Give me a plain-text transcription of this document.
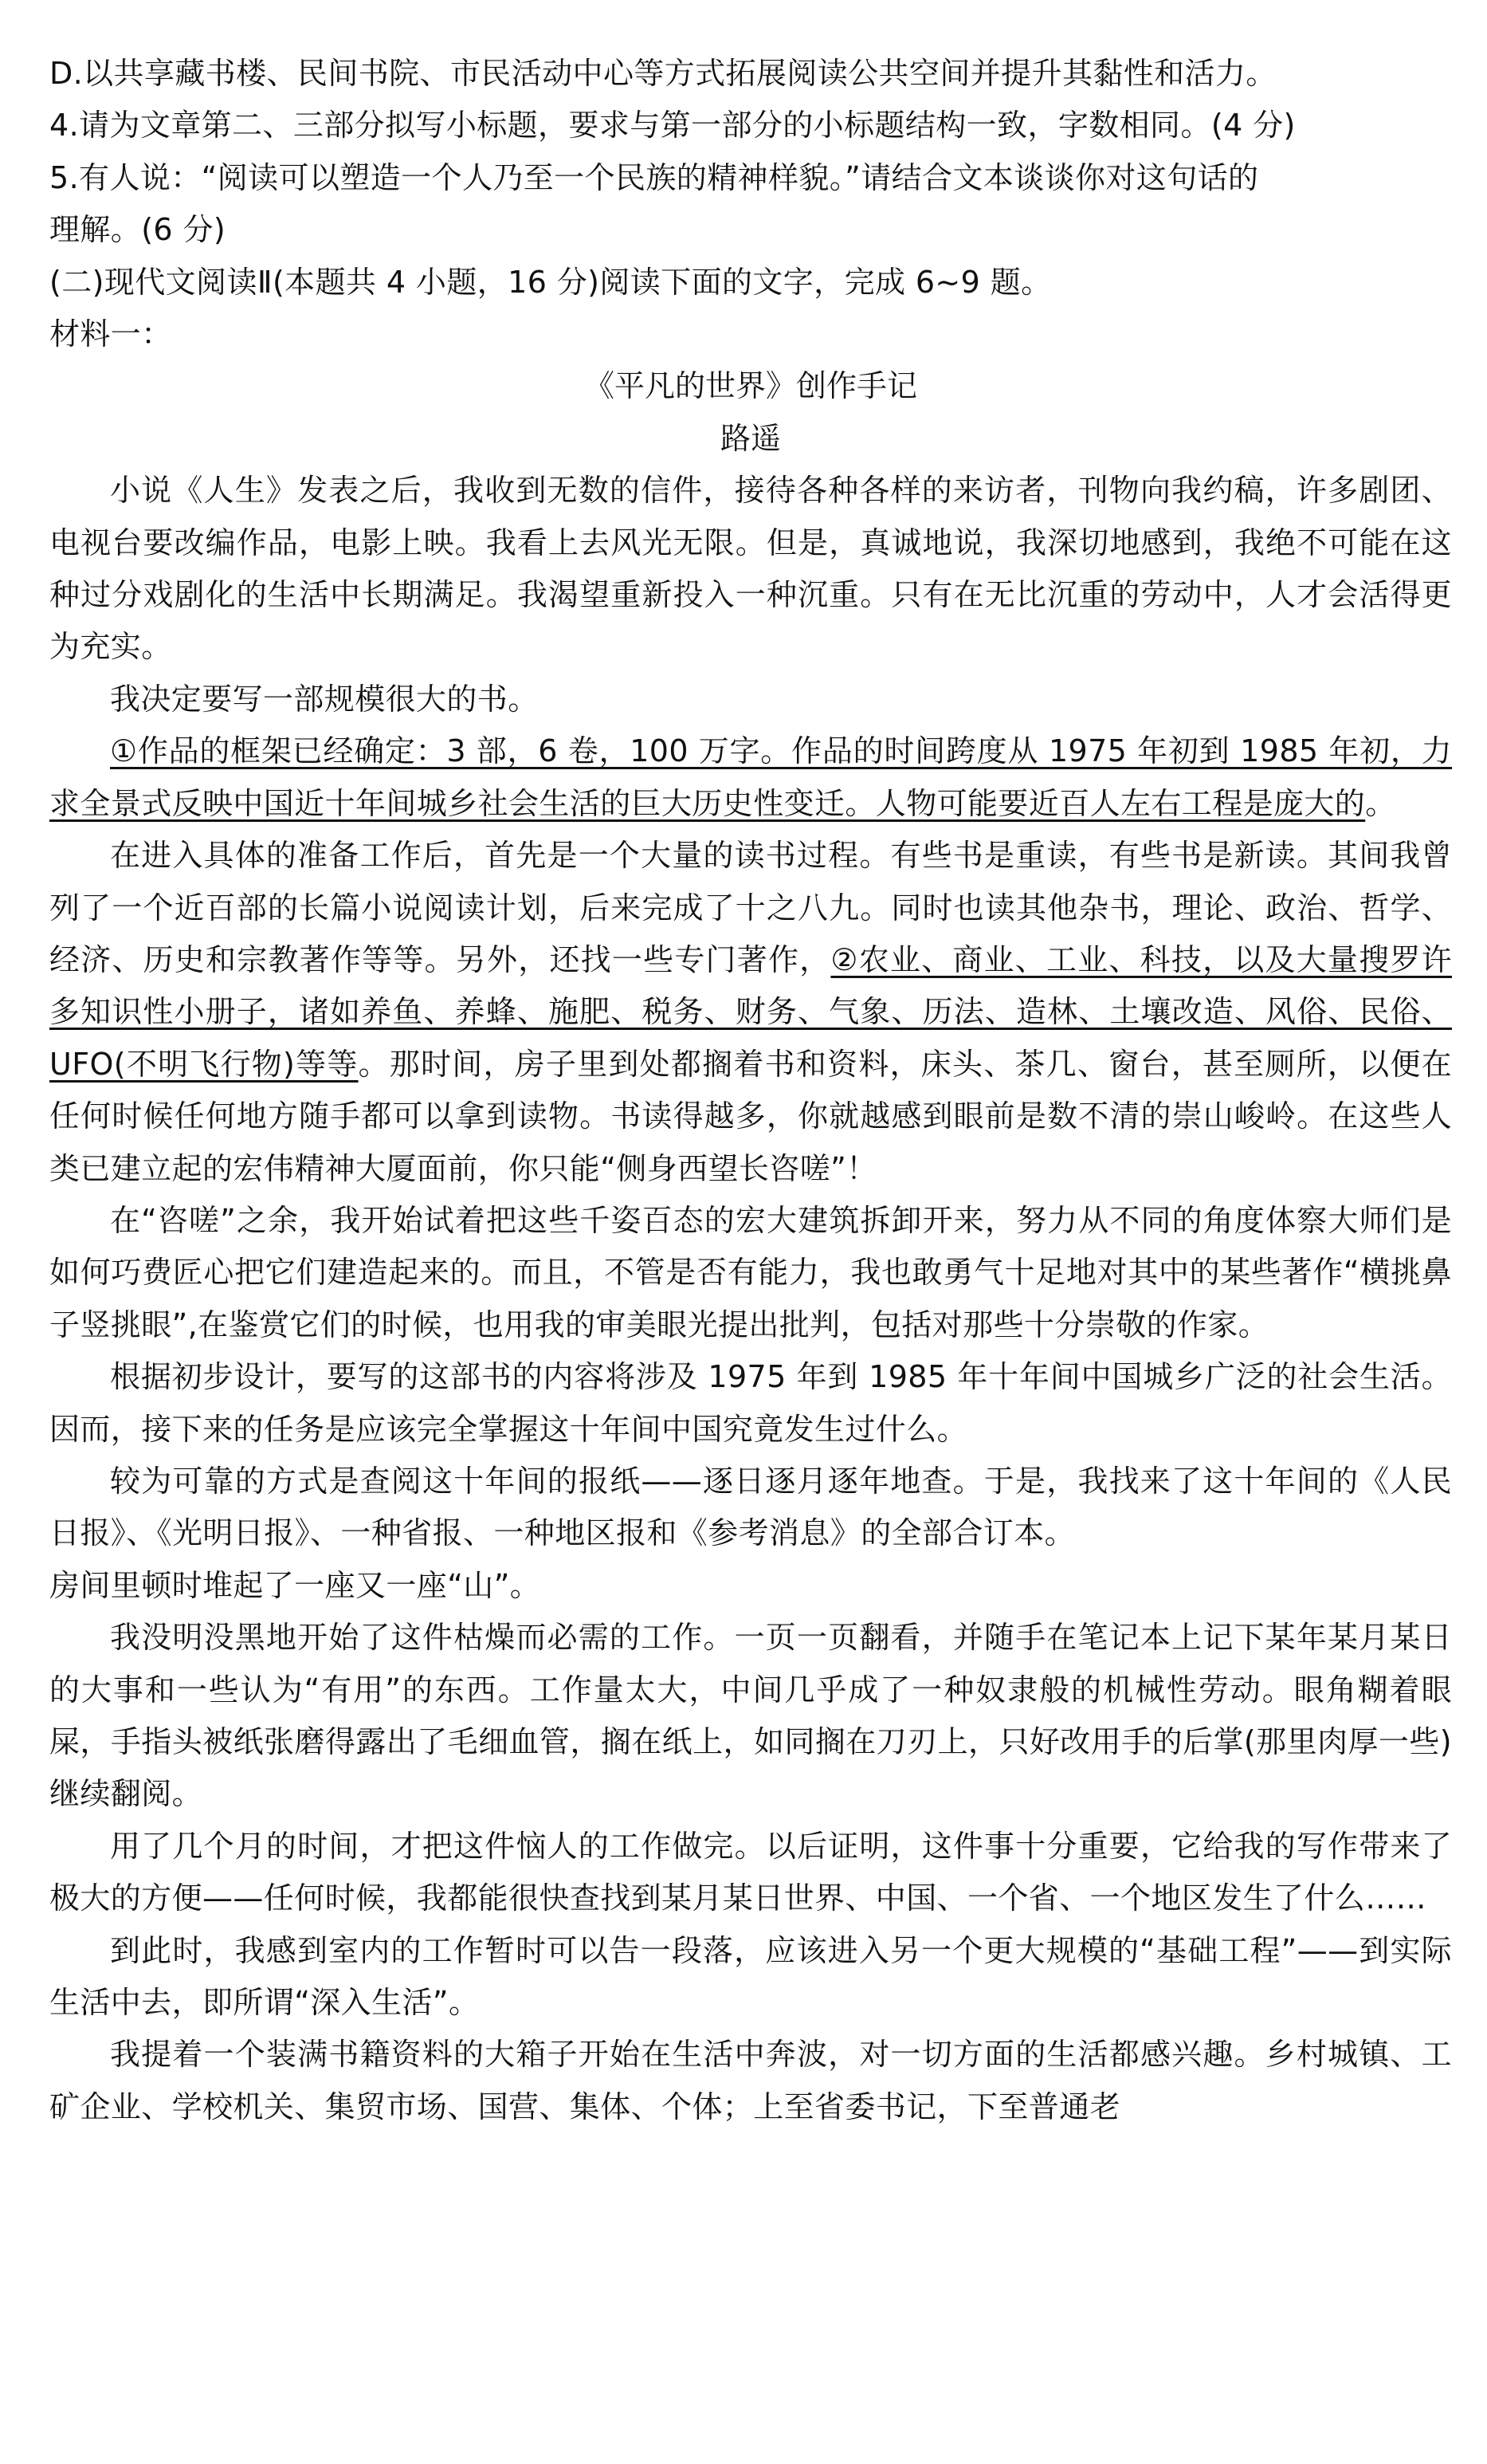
D.以共享藏书楼、民间书院、市民活动中心等方式拓展阅读公共空间并提升其黏性和活力。
4.请为文章第二、三部分拟写小标题，要求与第一部分的小标题结构一致，字数相同。(4 分)
5.有人说：“阅读可以塑造一个人乃至一个民族的精神样貌。”请结合文本谈谈你对这句话的
理解。(6 分)
(二)现代文阅读Ⅱ(本题共 4 小题，16 分)阅读下面的文字，完成 6~9 题。
材料一：
《平凡的世界》创作手记
路遥

小说《人生》发表之后，我收到无数的信件，接待各种各样的来访者，刊物向我约稿，许多剧团、电视台要改编作品，电影上映。我看上去风光无限。但是，真诚地说，我深切地感到，我绝不可能在这种过分戏剧化的生活中长期满足。我渴望重新投入一种沉重。只有在无比沉重的劳动中，人才会活得更为充实。

我决定要写一部规模很大的书。

①作品的框架已经确定：3 部，6 卷，100 万字。作品的时间跨度从 1975 年初到 1985 年初，力求全景式反映中国近十年间城乡社会生活的巨大历史性变迁。人物可能要近百人左右工程是庞大的。

在进入具体的准备工作后，首先是一个大量的读书过程。有些书是重读，有些书是新读。其间我曾列了一个近百部的长篇小说阅读计划，后来完成了十之八九。同时也读其他杂书，理论、政治、哲学、经济、历史和宗教著作等等。另外，还找一些专门著作，②农业、商业、工业、科技，以及大量搜罗许多知识性小册子，诸如养鱼、养蜂、施肥、税务、财务、气象、历法、造林、土壤改造、风俗、民俗、UFO(不明飞行物)等等。那时间，房子里到处都搁着书和资料，床头、茶几、窗台，甚至厕所，以便在任何时候任何地方随手都可以拿到读物。书读得越多，你就越感到眼前是数不清的崇山峻岭。在这些人类已建立起的宏伟精神大厦面前，你只能“侧身西望长咨嗟”！

在“咨嗟”之余，我开始试着把这些千姿百态的宏大建筑拆卸开来，努力从不同的角度体察大师们是如何巧费匠心把它们建造起来的。而且，不管是否有能力，我也敢勇气十足地对其中的某些著作“横挑鼻子竖挑眼”,在鉴赏它们的时候，也用我的审美眼光提出批判，包括对那些十分崇敬的作家。

根据初步设计，要写的这部书的内容将涉及 1975 年到 1985 年十年间中国城乡广泛的社会生活。因而，接下来的任务是应该完全掌握这十年间中国究竟发生过什么。

较为可靠的方式是查阅这十年间的报纸——逐日逐月逐年地查。于是，我找来了这十年间的《人民日报》、《光明日报》、一种省报、一种地区报和《参考消息》的全部合订本。

房间里顿时堆起了一座又一座“山”。

我没明没黑地开始了这件枯燥而必需的工作。一页一页翻看，并随手在笔记本上记下某年某月某日的大事和一些认为“有用”的东西。工作量太大，中间几乎成了一种奴隶般的机械性劳动。眼角糊着眼屎，手指头被纸张磨得露出了毛细血管，搁在纸上，如同搁在刀刃上，只好改用手的后掌(那里肉厚一些)继续翻阅。

用了几个月的时间，才把这件恼人的工作做完。以后证明，这件事十分重要，它给我的写作带来了极大的方便——任何时候，我都能很快查找到某月某日世界、中国、一个省、一个地区发生了什么……

到此时，我感到室内的工作暂时可以告一段落，应该进入另一个更大规模的“基础工程”——到实际生活中去，即所谓“深入生活”。

我提着一个装满书籍资料的大箱子开始在生活中奔波，对一切方面的生活都感兴趣。乡村城镇、工矿企业、学校机关、集贸市场、国营、集体、个体；上至省委书记，下至普通老
